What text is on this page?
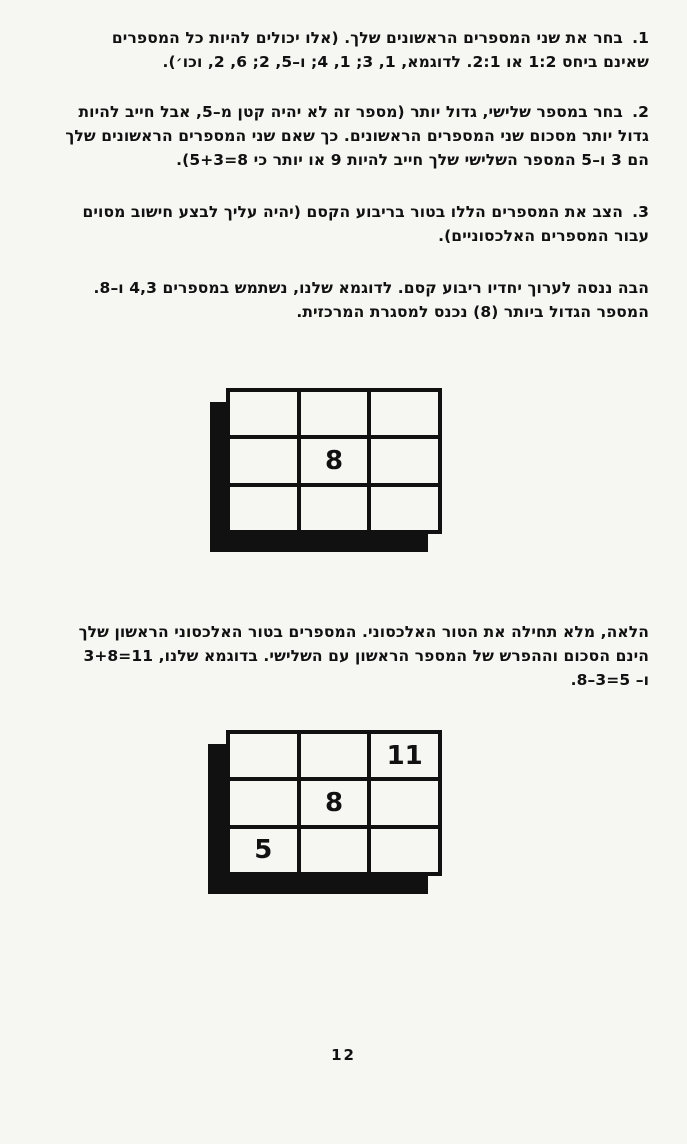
1.בחר את שני המספרים הראשונים שלך. (אלו יכולים להיות כל המספרים
שאינם ביחס 1:2 או 2:1. לדוגמא, 1, 3; 1, 4; ו–5, 2; 6, 2, וכו׳).
2.בחר במספר שלישי, גדול יותר (מספר זה לא יהיה קטן מ–5, אבל חייב להיות
גדול יותר מסכום שני המספרים הראשונים. כך שאם שני המספרים הראשונים שלך
הם 3 ו–5 המספר השלישי שלך חייב להיות 9 או יותר כי 8=5+3).
3.הצב את המספרים הללו בטור בריבוע הקסם (יהיה עליך לבצע חישוב מסוים
עבור המספרים האלכסוניים).
הבה ננסה לערוך יחדיו ריבוע קסם. לדוגמא שלנו, נשתמש במספרים 4,3 ו–8.
המספר הגדול ביותר (8) נכנס למסגרת המרכזית.
8
הלאה, מלא תחילה את הטור האלכסוני. המספרים בטור האלכסוני הראשון שלך
הינם הסכום וההפרש של המספר הראשון עם השלישי. בדוגמא שלנו, 11=3+8
ו– 5=3–8.
11
8
5
12
